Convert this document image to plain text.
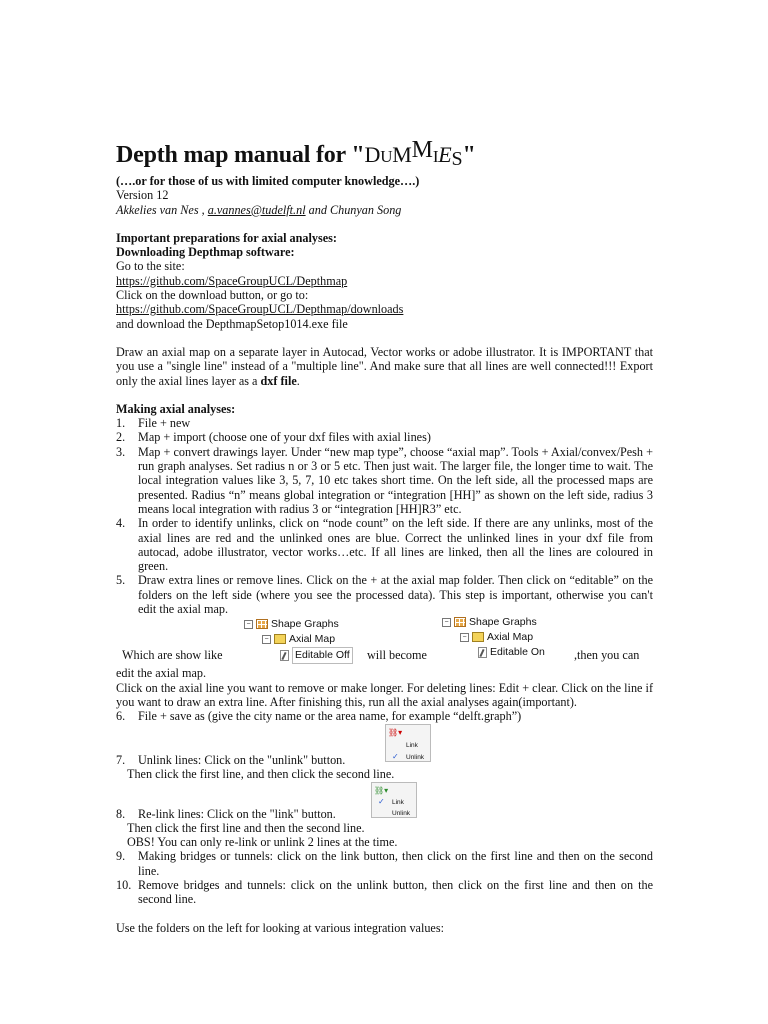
Depth map manual for "DUMMIES"
(….or for those of us with limited computer knowledge….)
Version 12
Akkelies van Nes , a.vannes@tudelft.nl and Chunyan Song
Important preparations for axial analyses:
Downloading Depthmap software:
Go to the site:
https://github.com/SpaceGroupUCL/Depthmap
Click on the download button, or go to:
https://github.com/SpaceGroupUCL/Depthmap/downloads
and download the DepthmapSetop1014.exe file
Draw an axial map on a separate layer in Autocad, Vector works or adobe illustrator. It is IMPORTANT that you use a "single line" instead of a "multiple line". And make sure that all lines are well connected!!! Export only the axial lines layer as a dxf file.
Making axial analyses:
1. File + new
2. Map + import (choose one of your dxf files with axial lines)
3. Map + convert drawings layer. Under “new map type”, choose “axial map”. Tools + Axial/convex/Pesh + run graph analyses. Set radius n or 3 or 5 etc. Then just wait. The larger file, the longer time to wait. The local integration values like 3, 5, 7, 10 etc takes short time. On the left side, all the processed maps are presented. Radius “n” means global integration or “integration [HH]” as shown on the left side, radius 3 means local integration with radius 3 or “integration [HH]R3” etc.
4. In order to identify unlinks, click on “node count” on the left side. If there are any unlinks, most of the axial lines are red and the unlinked ones are blue. Correct the unlinked lines in your dxf file from autocad, adobe illustrator, vector works…etc. If all lines are linked, then all the lines are coloured in green.
5. Draw extra lines or remove lines. Click on the + at the axial map folder. Then click on “editable” on the folders on the left side (where you see the processed data). This step is important, otherwise you can't edit the axial map.
Which are show like
− Shape Graphs
− Axial Map
Editable Off will become
− Shape Graphs
− Axial Map
Editable On ,then you can
edit the axial map.
Click on the axial line you want to remove or make longer. For deleting lines: Edit + clear. Click on the line if you want to draw an extra line. After finishing this, run all the axial analyses again(important).
6. File + save as (give the city name or the area name, for example “delft.graph”)
7. Unlink lines: Click on the "unlink" button.
⛓▾
Link
✓ Unlink
Then click the first line, and then click the second line.
8. Re-link lines: Click on the "link" button.
⛓▾
✓ Link
Unlink
Then click the first line and then the second line.
OBS! You can only re-link or unlink 2 lines at the time.
9. Making bridges or tunnels: click on the link button, then click on the first line and then on the second line.
10. Remove bridges and tunnels: click on the unlink button, then click on the first line and then on the second line.
Use the folders on the left for looking at various integration values:
